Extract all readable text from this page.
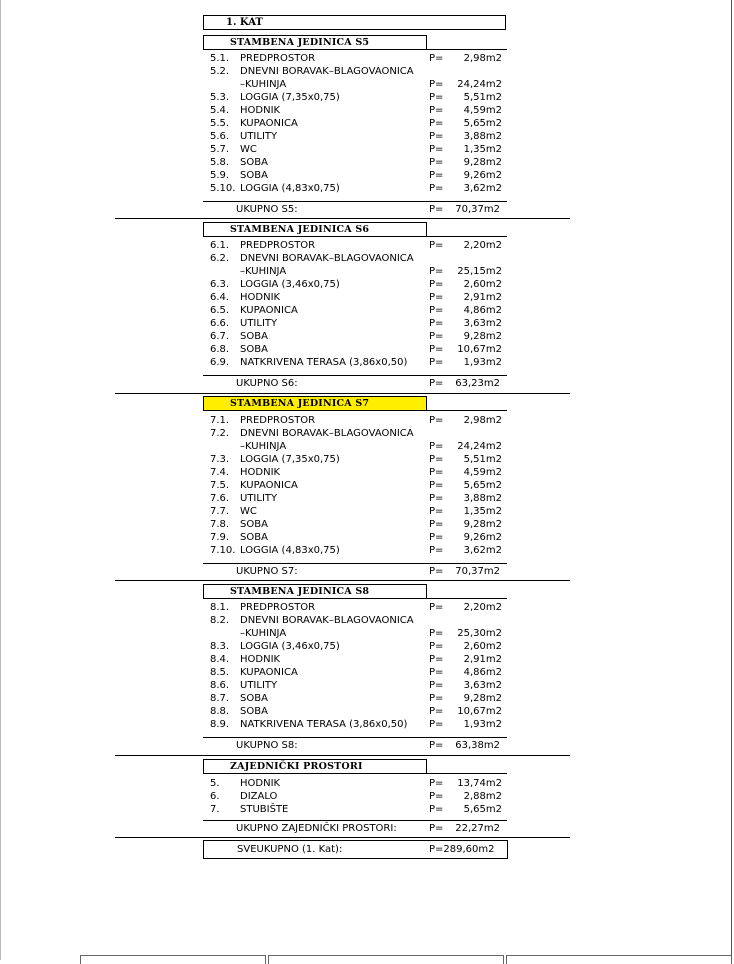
1. KAT
STAMBENA JEDINICA S5
5.1. PREDPROSTOR	P= 2,98m2
5.2. DNEVNI BORAVAK–BLAGOVAONICA
–KUHINJA	P= 24,24m2
5.3. LOGGIA (7,35x0,75)	P= 5,51m2
5.4. HODNIK	P= 4,59m2
5.5. KUPAONICA	P= 5,65m2
5.6. UTILITY	P= 3,88m2
5.7. WC	P= 1,35m2
5.8. SOBA	P= 9,28m2
5.9. SOBA	P= 9,26m2
5.10. LOGGIA (4,83x0,75)	P= 3,62m2
UKUPNO S5:	P= 70,37m2
STAMBENA JEDINICA S6
6.1. PREDPROSTOR	P= 2,20m2
6.2. DNEVNI BORAVAK–BLAGOVAONICA
–KUHINJA	P= 25,15m2
6.3. LOGGIA (3,46x0,75)	P= 2,60m2
6.4. HODNIK	P= 2,91m2
6.5. KUPAONICA	P= 4,86m2
6.6. UTILITY	P= 3,63m2
6.7. SOBA	P= 9,28m2
6.8. SOBA	P= 10,67m2
6.9. NATKRIVENA TERASA (3,86x0,50) P= 1,93m2
UKUPNO S6:	P= 63,23m2
STAMBENA JEDINICA S7
7.1. PREDPROSTOR	P= 2,98m2
7.2. DNEVNI BORAVAK–BLAGOVAONICA
–KUHINJA	P= 24,24m2
7.3. LOGGIA (7,35x0,75)	P= 5,51m2
7.4. HODNIK	P= 4,59m2
7.5. KUPAONICA	P= 5,65m2
7.6. UTILITY	P= 3,88m2
7.7. WC	P= 1,35m2
7.8. SOBA	P= 9,28m2
7.9. SOBA	P= 9,26m2
7.10. LOGGIA (4,83x0,75)	P= 3,62m2
UKUPNO S7:	P= 70,37m2
STAMBENA JEDINICA S8
8.1. PREDPROSTOR	P= 2,20m2
8.2. DNEVNI BORAVAK–BLAGOVAONICA
–KUHINJA	P= 25,30m2
8.3. LOGGIA (3,46x0,75)	P= 2,60m2
8.4. HODNIK	P= 2,91m2
8.5. KUPAONICA	P= 4,86m2
8.6. UTILITY	P= 3,63m2
8.7. SOBA	P= 9,28m2
8.8. SOBA	P= 10,67m2
8.9. NATKRIVENA TERASA (3,86x0,50) P= 1,93m2
UKUPNO S8:	P= 63,38m2
ZAJEDNIČKI PROSTORI
5. HODNIK	P= 13,74m2
6. DIZALO	P= 2,88m2
7. STUBIŠTE	P= 5,65m2
UKUPNO ZAJEDNIČKI PROSTORI:	P= 22,27m2
SVEUKUPNO (1. Kat):	P=289,60m2
